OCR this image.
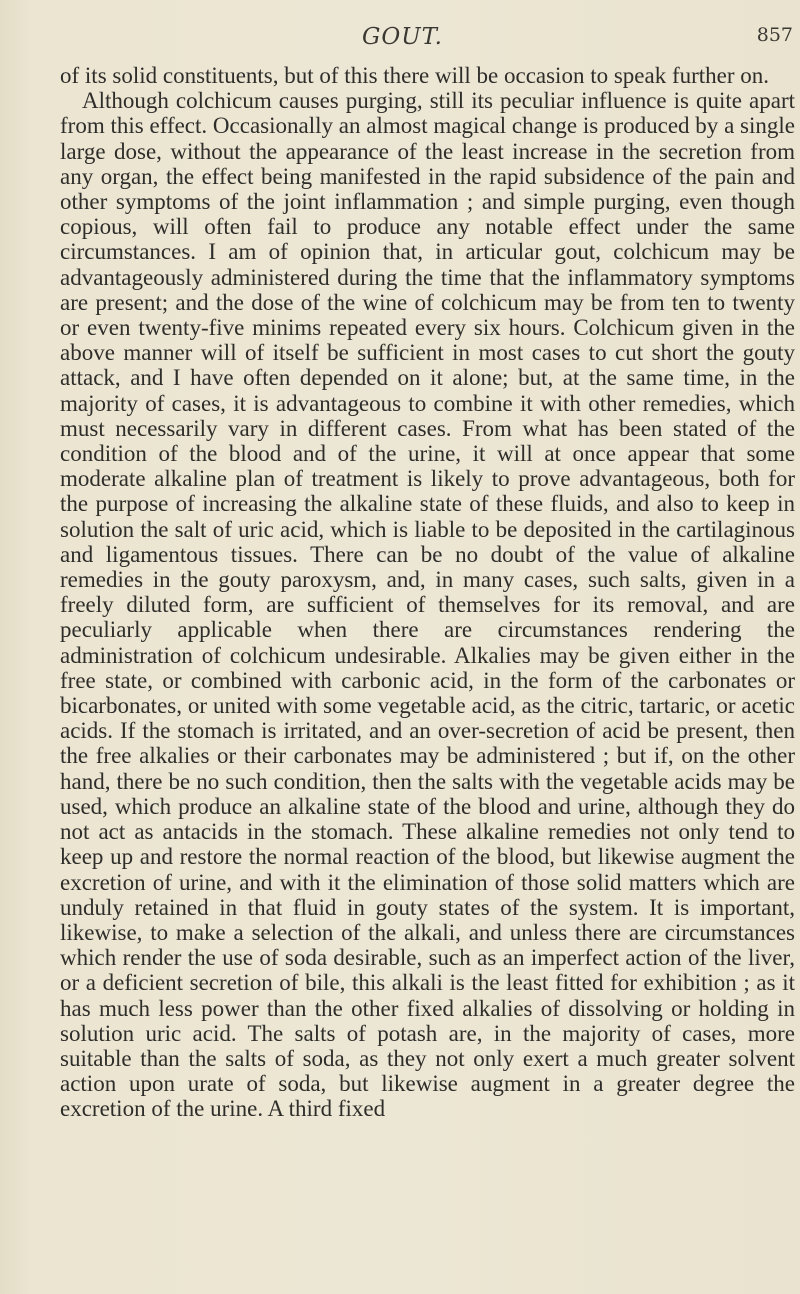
GOUT.	857

of its solid constituents, but of this there will be occasion to speak further on.

Although colchicum causes purging, still its peculiar influence is quite apart from this effect. Occasionally an almost magical change is produced by a single large dose, without the appearance of the least increase in the secretion from any organ, the effect being manifested in the rapid subsidence of the pain and other symptoms of the joint inflammation ; and simple purging, even though copious, will often fail to produce any notable effect under the same circumstances. I am of opinion that, in articular gout, colchicum may be advantageously administered during the time that the inflammatory symptoms are present; and the dose of the wine of colchicum may be from ten to twenty or even twenty-five minims repeated every six hours. Colchicum given in the above manner will of itself be sufficient in most cases to cut short the gouty attack, and I have often depended on it alone; but, at the same time, in the majority of cases, it is advantageous to combine it with other remedies, which must necessarily vary in different cases. From what has been stated of the condition of the blood and of the urine, it will at once appear that some moderate alkaline plan of treatment is likely to prove advantageous, both for the purpose of increasing the alkaline state of these fluids, and also to keep in solution the salt of uric acid, which is liable to be deposited in the cartilaginous and ligamentous tissues. There can be no doubt of the value of alkaline remedies in the gouty paroxysm, and, in many cases, such salts, given in a freely diluted form, are sufficient of themselves for its removal, and are peculiarly applicable when there are circumstances rendering the administration of colchicum undesirable. Alkalies may be given either in the free state, or combined with carbonic acid, in the form of the carbonates or bicarbonates, or united with some vegetable acid, as the citric, tartaric, or acetic acids. If the stomach is irritated, and an over-secretion of acid be present, then the free alkalies or their carbonates may be administered ; but if, on the other hand, there be no such condition, then the salts with the vegetable acids may be used, which produce an alkaline state of the blood and urine, although they do not act as antacids in the stomach. These alkaline remedies not only tend to keep up and restore the normal reaction of the blood, but likewise augment the excretion of urine, and with it the elimination of those solid matters which are unduly retained in that fluid in gouty states of the system. It is important, likewise, to make a selection of the alkali, and unless there are circumstances which render the use of soda desirable, such as an imperfect action of the liver, or a deficient secretion of bile, this alkali is the least fitted for exhibition ; as it has much less power than the other fixed alkalies of dissolving or holding in solution uric acid. The salts of potash are, in the majority of cases, more suitable than the salts of soda, as they not only exert a much greater solvent action upon urate of soda, but likewise augment in a greater degree the excretion of the urine. A third fixed
